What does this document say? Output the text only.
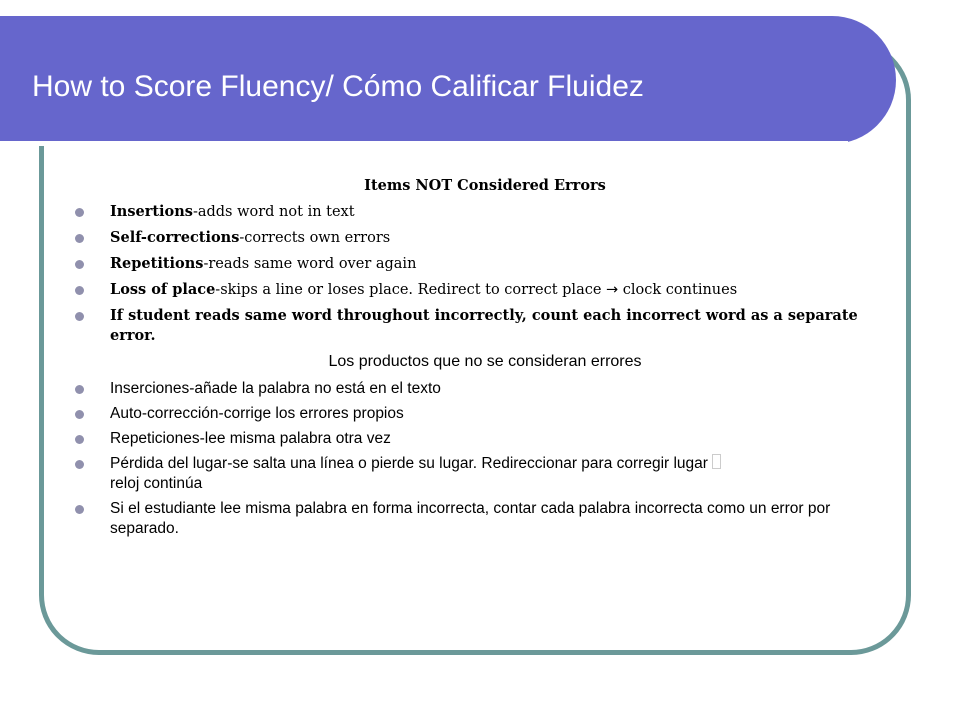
How to Score Fluency/ Cómo Calificar Fluidez
Items NOT Considered Errors
Insertions-adds word not in text
Self-corrections-corrects own errors
Repetitions-reads same word over again
Loss of place-skips a line or loses place. Redirect to correct place → clock continues
If student reads same word throughout incorrectly, count each incorrect word as a separate error.
Los productos que no se consideran errores
Inserciones-añade la palabra no está en el texto
Auto-corrección-corrige los errores propios
Repeticiones-lee misma palabra otra vez
Pérdida del lugar-se salta una línea o pierde su lugar. Redireccionar para corregir lugar
reloj continúa
Si el estudiante lee misma palabra en forma incorrecta, contar cada palabra incorrecta como un error por separado.
